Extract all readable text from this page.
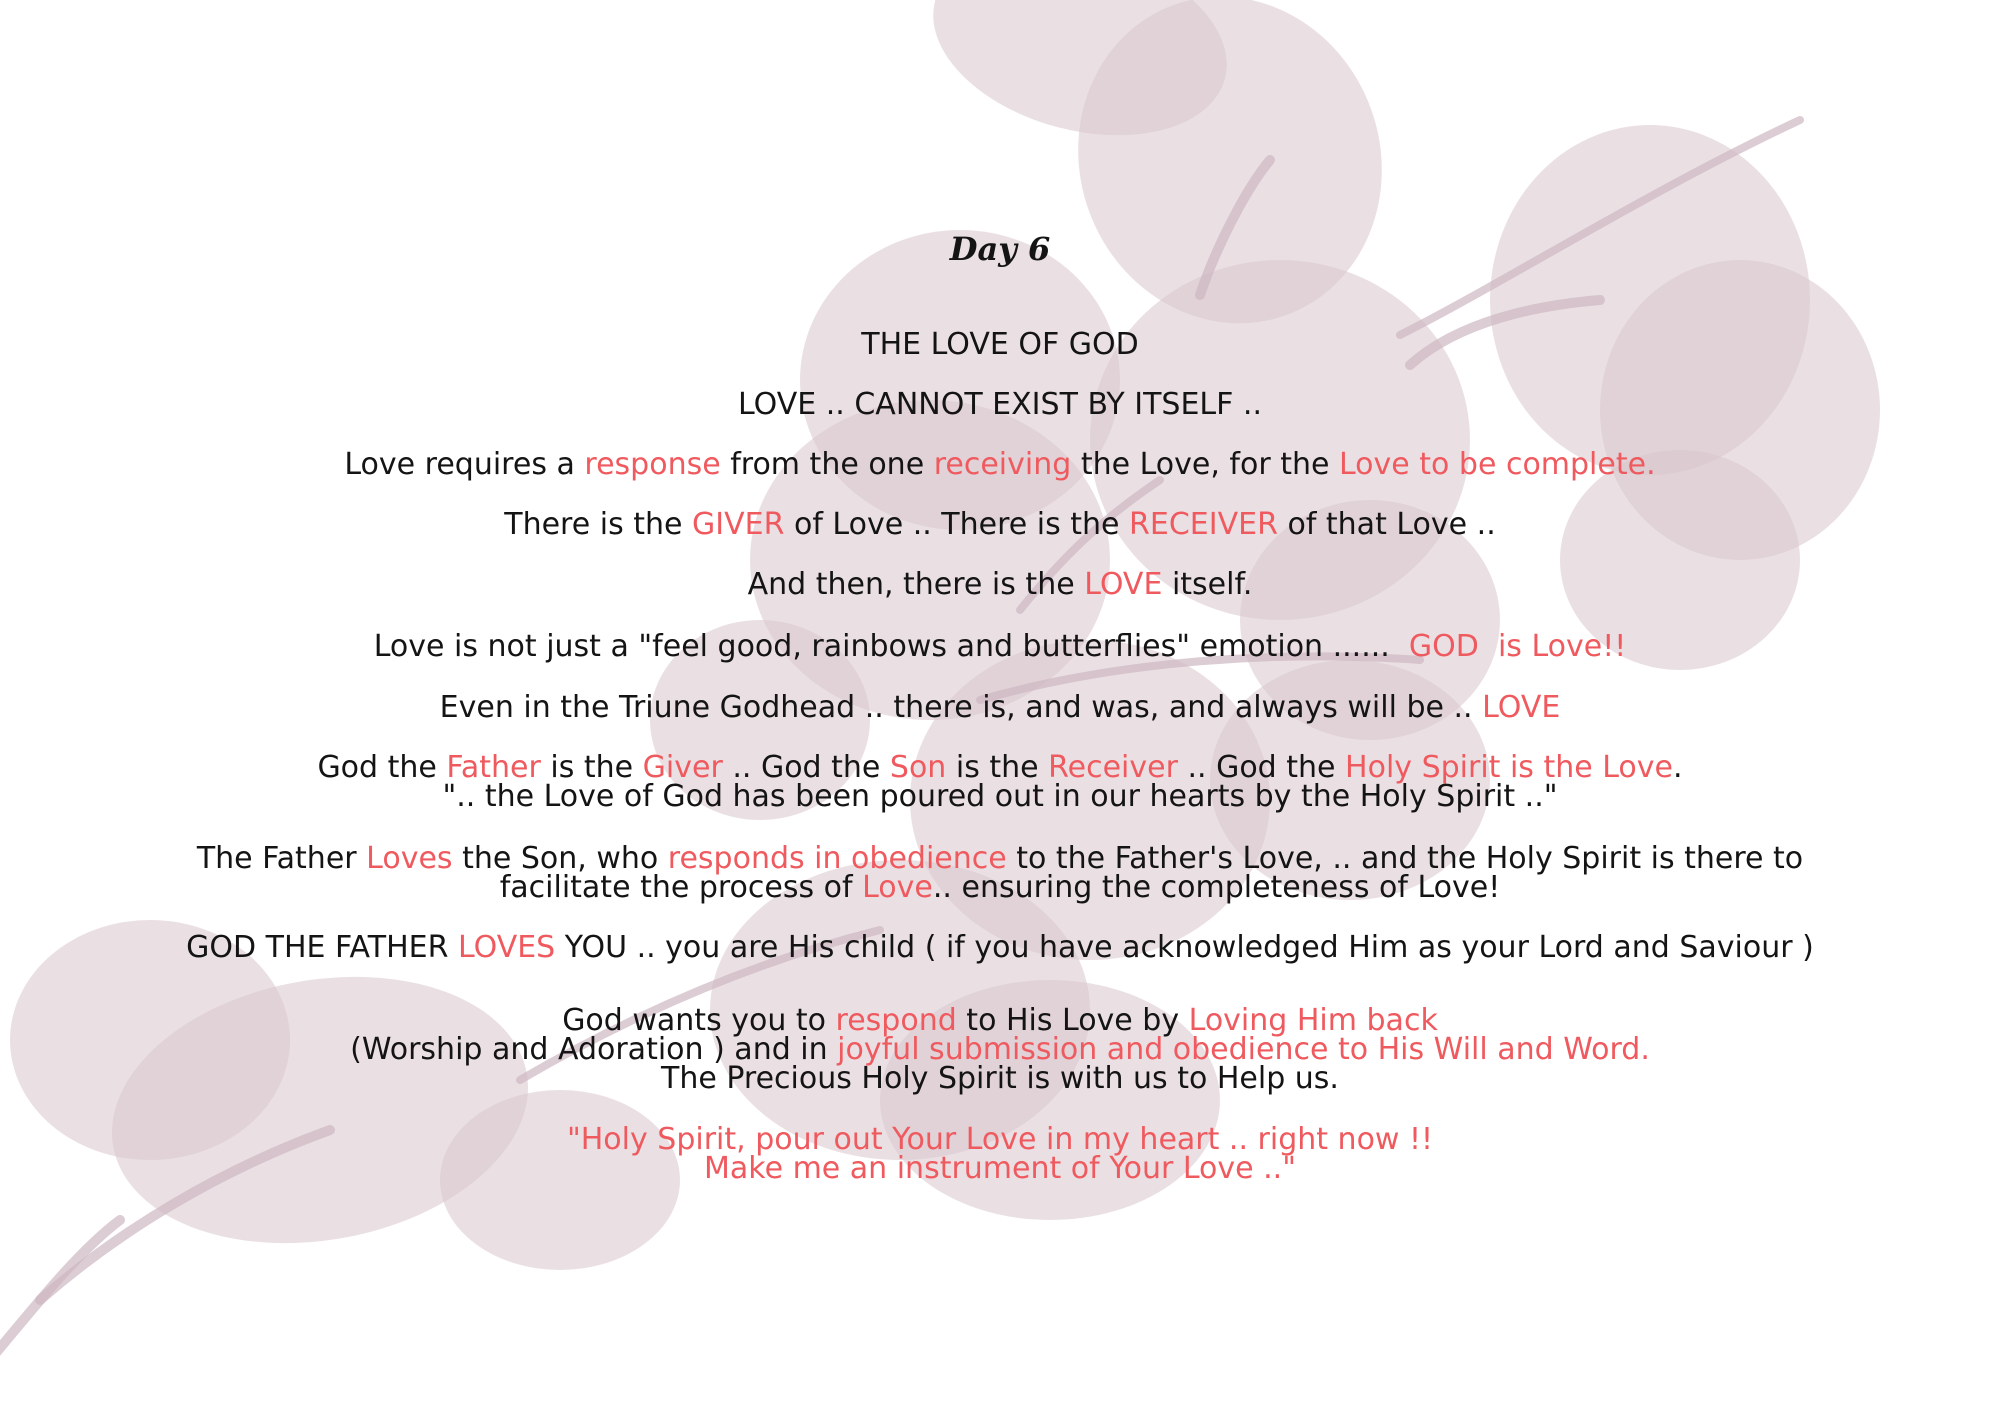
Day 6
THE LOVE OF GOD
LOVE .. CANNOT EXIST BY ITSELF ..
Love requires a response from the one receiving the Love, for the Love to be complete.
There is the GIVER of Love .. There is the RECEIVER of that Love ..
And then, there is the LOVE itself.
Love is not just a "feel good, rainbows and butterflies" emotion ......  GOD  is Love!!
Even in the Triune Godhead .. there is, and was, and always will be .. LOVE
God the Father is the Giver .. God the Son is the Receiver .. God the Holy Spirit is the Love.
".. the Love of God has been poured out in our hearts by the Holy Spirit .."
The Father Loves the Son, who responds in obedience to the Father's Love, .. and the Holy Spirit is there to
facilitate the process of Love.. ensuring the completeness of Love!
GOD THE FATHER LOVES YOU .. you are His child ( if you have acknowledged Him as your Lord and Saviour )
God wants you to respond to His Love by Loving Him back
(Worship and Adoration ) and in joyful submission and obedience to His Will and Word.
The Precious Holy Spirit is with us to Help us.
"Holy Spirit, pour out Your Love in my heart .. right now !!
Make me an instrument of Your Love .."
